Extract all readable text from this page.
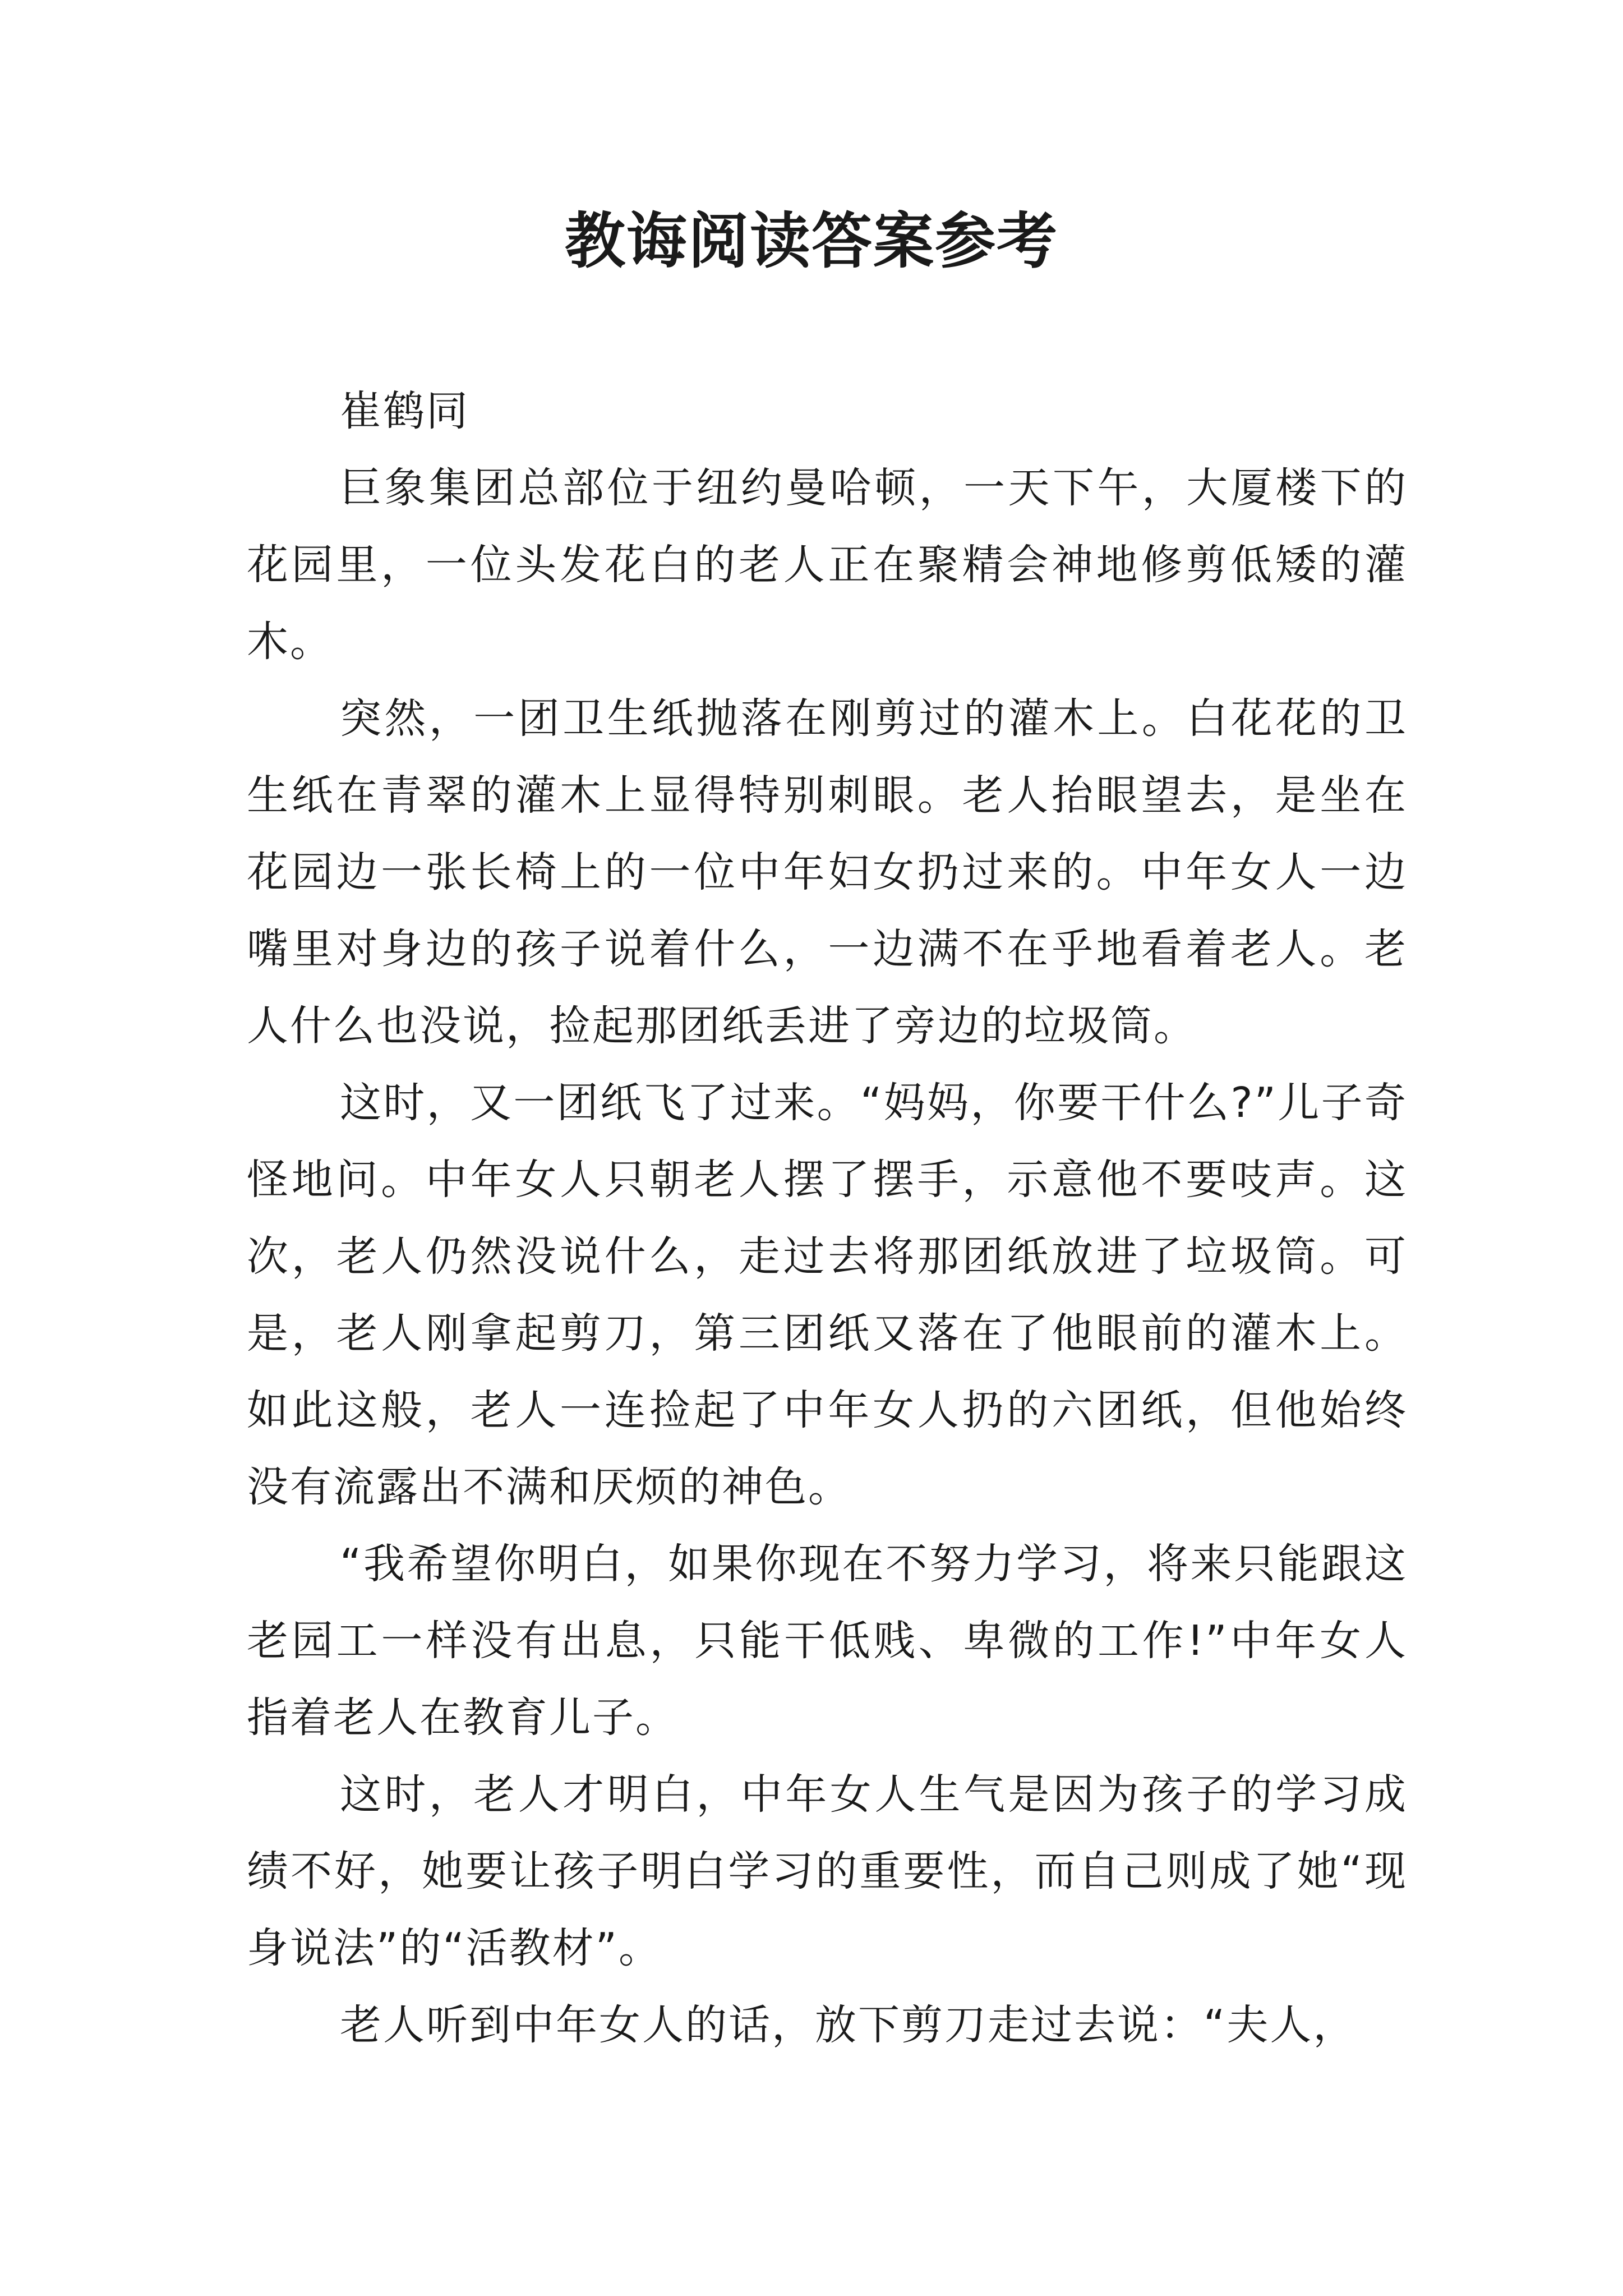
教诲阅读答案参考

崔鹤同

巨象集团总部位于纽约曼哈顿，一天下午，大厦楼下的花园里，一位头发花白的老人正在聚精会神地修剪低矮的灌木。

突然，一团卫生纸抛落在刚剪过的灌木上。白花花的卫生纸在青翠的灌木上显得特别刺眼。老人抬眼望去，是坐在花园边一张长椅上的一位中年妇女扔过来的。中年女人一边嘴里对身边的孩子说着什么，一边满不在乎地看着老人。老人什么也没说，捡起那团纸丢进了旁边的垃圾筒。

这时，又一团纸飞了过来。“妈妈，你要干什么?”儿子奇怪地问。中年女人只朝老人摆了摆手，示意他不要吱声。这次，老人仍然没说什么，走过去将那团纸放进了垃圾筒。可是，老人刚拿起剪刀，第三团纸又落在了他眼前的灌木上。如此这般，老人一连捡起了中年女人扔的六团纸，但他始终没有流露出不满和厌烦的神色。

“我希望你明白，如果你现在不努力学习，将来只能跟这老园工一样没有出息，只能干低贱、卑微的工作!”中年女人指着老人在教育儿子。

这时，老人才明白，中年女人生气是因为孩子的学习成绩不好，她要让孩子明白学习的重要性，而自己则成了她“现身说法”的“活教材”。

老人听到中年女人的话，放下剪刀走过去说：“夫人，
